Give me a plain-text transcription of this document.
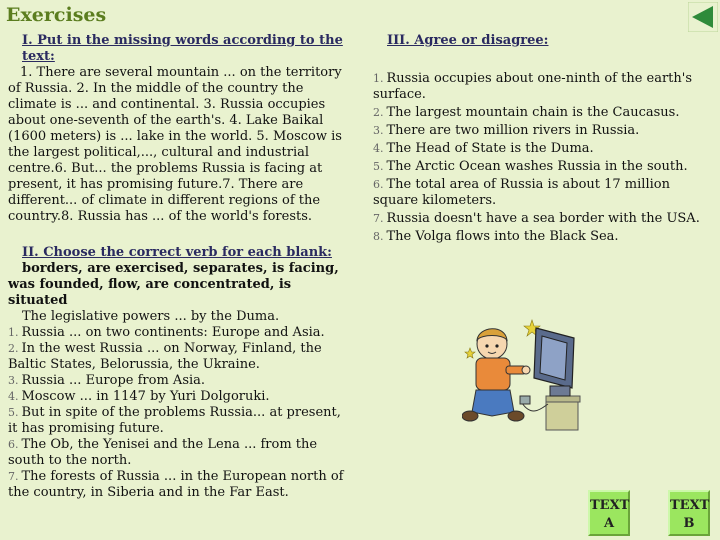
Exercises

I. Put in the missing words according to the text:

1. There are several mountain ... on the territory of Russia. 2. In the middle of the country the climate is ... and continental. 3. Russia occupies about one-seventh of the earth's. 4. Lake Baikal (1600 meters) is ... lake in the world. 5. Moscow is the largest political,..., cultural and industrial centre.6. But... the problems Russia is facing at present, it has promising future.7. There are different... of climate in different regions of the country.8. Russia has ... of the world's forests.

II. Choose the correct verb for each blank:

borders, are exercised, separates, is facing, was founded, flow, are concentrated, is situated

The legislative powers ... by the Duma.

1. Russia ... on two continents: Europe and Asia.

2. In the west Russia ... on Norway, Finland, the Baltic States, Belorussia, the Ukraine.

3. Russia ... Europe from Asia.

4. Moscow ... in 1147 by Yuri Dolgoruki.

5. But in spite of the problems Russia... at present, it has promising future.

6. The Ob, the Yenisei and the Lena ... from the south to the north.

7. The forests of Russia ... in the European north of the country, in Siberia and in the Far East.

III. Agree or disagree:

1. Russia occupies about one-ninth of the earth's surface.

2. The largest mountain chain is the Caucasus.

3. There are two million rivers in Russia.

4. The Head of State is the Duma.

5. The Arctic Ocean washes Russia in the south.

6. The total area of Russia is about 17 million square kilometers.

7. Russia doesn't have a sea border with the USA.

8. The Volga flows into the Black Sea.

TEXT
A
TEXT
B
